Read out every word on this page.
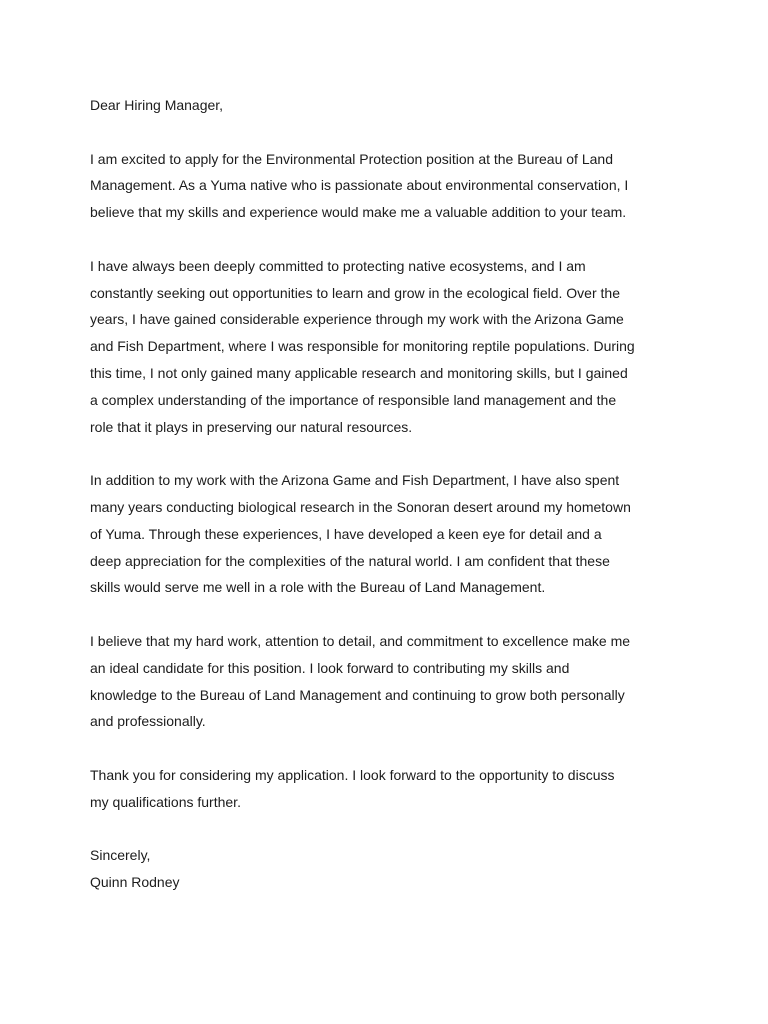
Dear Hiring Manager,

I am excited to apply for the Environmental Protection position at the Bureau of Land
Management. As a Yuma native who is passionate about environmental conservation, I
believe that my skills and experience would make me a valuable addition to your team.

I have always been deeply committed to protecting native ecosystems, and I am
constantly seeking out opportunities to learn and grow in the ecological field. Over the
years, I have gained considerable experience through my work with the Arizona Game
and Fish Department, where I was responsible for monitoring reptile populations. During
this time, I not only gained many applicable research and monitoring skills, but I gained
a complex understanding of the importance of responsible land management and the
role that it plays in preserving our natural resources.

In addition to my work with the Arizona Game and Fish Department, I have also spent
many years conducting biological research in the Sonoran desert around my hometown
of Yuma. Through these experiences, I have developed a keen eye for detail and a
deep appreciation for the complexities of the natural world. I am confident that these
skills would serve me well in a role with the Bureau of Land Management.

I believe that my hard work, attention to detail, and commitment to excellence make me
an ideal candidate for this position. I look forward to contributing my skills and
knowledge to the Bureau of Land Management and continuing to grow both personally
and professionally.

Thank you for considering my application. I look forward to the opportunity to discuss
my qualifications further.

Sincerely,

Quinn Rodney
